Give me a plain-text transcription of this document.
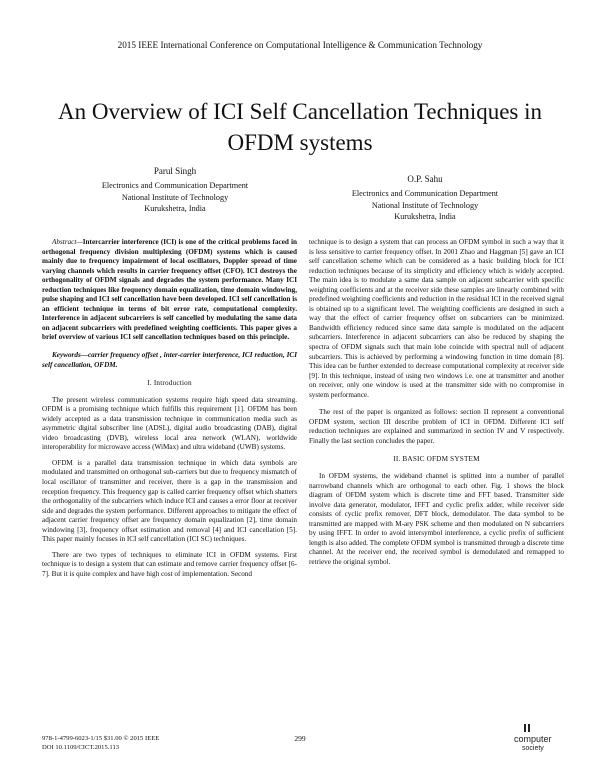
2015 IEEE International Conference on Computational Intelligence & Communication Technology
An Overview of ICI Self Cancellation Techniques in OFDM systems
Parul Singh
Electronics and Communication Department
National Institute of Technology
Kurukshetra, India
O.P. Sahu
Electronics and Communication Department
National Institute of Technology
Kurukshetra, India

Abstract—Intercarrier interference (ICI) is one of the critical problems faced in orthogonal frequency division multiplexing (OFDM) systems which is caused mainly due to frequency impairment of local oscillators, Doppler spread of time varying channels which results in carrier frequency offset (CFO). ICI destroys the orthogonality of OFDM signals and degrades the system performance. Many ICI reduction techniques like frequency domain equalization, time domain windowing, pulse shaping and ICI self cancellation have been developed. ICI self cancellation is an efficient technique in terms of bit error rate, computational complexity. Interference in adjacent subcarriers is self cancelled by modulating the same data on adjacent subcarriers with predefined weighting coefficients. This paper gives a brief overview of various ICI self cancellation techniques based on this principle.

Keywords—carrier frequency offset , inter-carrier interference, ICI reduction, ICI self cancellation, OFDM.

I. Introduction

The present wireless communication systems require high speed data streaming. OFDM is a promising technique which fulfills this requirement [1]. OFDM has been widely accepted as a data transmission technique in communication media such as asymmetric digital subscriber line (ADSL), digital audio broadcasting (DAB), digital video broadcasting (DVB), wireless local area network (WLAN), worldwide interoperability for microwave access (WiMax) and ultra wideband (UWB) systems.

OFDM is a parallel data transmission technique in which data symbols are modulated and transmitted on orthogonal sub-carriers but due to frequency mismatch of local oscillator of transmitter and receiver, there is a gap in the transmission and reception frequency. This frequency gap is called carrier frequency offset which shatters the orthogonality of the subcarriers which induce ICI and causes a error floor at receiver side and degrades the system performance. Different approaches to mitigate the effect of adjacent carrier frequency offset are frequency domain equalization [2], time domain windowing [3], frequency offset estimation and removal [4] and ICI cancellation [5]. This paper mainly focuses in ICI self cancellation (ICI SC) techniques.

There are two types of techniques to eliminate ICI in OFDM systems. First technique is to design a system that can estimate and remove carrier frequency offset [6-7]. But it is quite complex and have high cost of implementation. Second

technique is to design a system that can process an OFDM symbol in such a way that it is less sensitive to carrier frequency offset. In 2001 Zhao and Haggman [5] gave an ICI self cancellation scheme which can be considered as a basic building block for ICI reduction techniques because of its simplicity and efficiency which is widely accepted. The main idea is to modulate a same data sample on adjacent subcarrier with specific weighting coefficients and at the receiver side these samples are linearly combined with predefined weighting coefficients and reduction in the residual ICI in the received signal is obtained up to a significant level. The weighting coefficients are designed in such a way that the effect of carrier frequency offset on subcarriers can be minimized. Bandwidth efficiency reduced since same data sample is modulated on the adjacent subcarriers. Interference in adjacent subcarriers can also be reduced by shaping the spectra of OFDM signals such that main lobe coincide with spectral null of adjacent subcarriers. This is achieved by performing a windowing function in time domain [8]. This idea can be further extended to decrease computational complexity at receiver side [9]. In this technique, instead of using two windows i.e. one at transmitter and another on receiver, only one window is used at the transmitter side with no compromise in system performance.

The rest of the paper is organized as follows: section II represent a conventional OFDM system, section III describe problem of ICI in OFDM. Different ICI self reduction techniques are explained and summarized in section IV and V respectively. Finally the last section concludes the paper.

II. BASIC OFDM SYSTEM

In OFDM systems, the wideband channel is splitted into a number of parallel narrowband channels which are orthogonal to each other. Fig. 1 shows the block diagram of OFDM system which is discrete time and FFT based. Transmitter side involve data generator, modulator, IFFT and cyclic prefix adder, while receiver side consists of cyclic prefix remover, DFT block, demodulator. The data symbol to be transmitted are mapped with M-ary PSK scheme and then modulated on N subcarriers by using IFFT. In order to avoid intersymbol interference, a cyclic prefix of sufficient length is also added. The complete OFDM symbol is transmitted through a discrete time channel. At the receiver end, the received symbol is demodulated and remapped to retrieve the original symbol.

978-1-4799-6023-1/15 $31.00 © 2015 IEEE
DOI 10.1109/CICT.2015.113
299	computer
society
